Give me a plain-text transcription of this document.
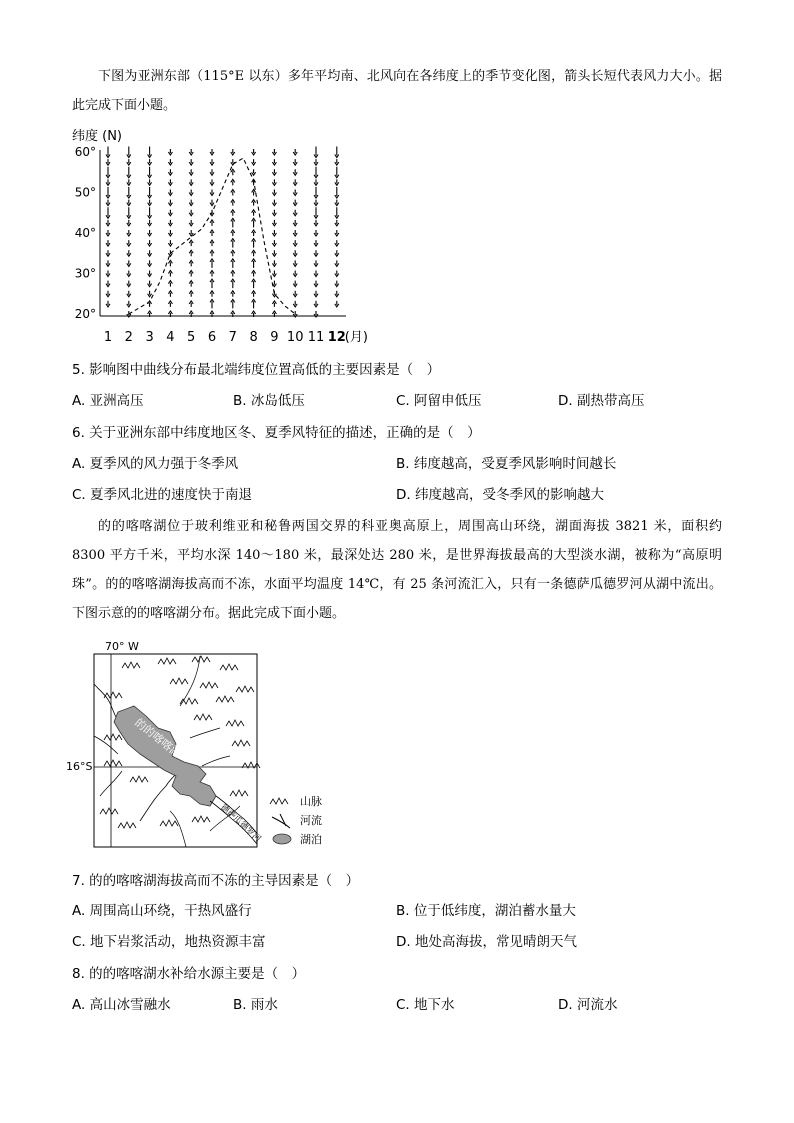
下图为亚洲东部（115°E 以东）多年平均南、北风向在各纬度上的季节变化图，箭头长短代表风力大小。据此完成下面小题。
纬度 (N)
60°
50°
40°
30°
20°
1 2 3 4 5 6 7 8 9 10 11 12
(月)
5. 影响图中曲线分布最北端纬度位置高低的主要因素是（　）
A. 亚洲高压	B. 冰岛低压	C. 阿留申低压	D. 副热带高压
6. 关于亚洲东部中纬度地区冬、夏季风特征的描述，正确的是（　）
A. 夏季风的风力强于冬季风	B. 纬度越高，受夏季风影响时间越长
C. 夏季风北进的速度快于南退	D. 纬度越高，受冬季风的影响越大
的的喀喀湖位于玻利维亚和秘鲁两国交界的科亚奥高原上，周围高山环绕，湖面海拔 3821 米，面积约 8300 平方千米，平均水深 140～180 米，最深处达 280 米，是世界海拔最高的大型淡水湖，被称为“高原明珠”。的的喀喀湖海拔高而不冻，水面平均温度 14℃，有 25 条河流汇入，只有一条德萨瓜德罗河从湖中流出。下图示意的的喀喀湖分布。据此完成下面小题。
70° W
16°S
的的喀喀湖
德萨瓜德罗河
山脉
河流
湖泊
7. 的的喀喀湖海拔高而不冻的主导因素是（　）
A. 周围高山环绕，干热风盛行	B. 位于低纬度，湖泊蓄水量大
C. 地下岩浆活动，地热资源丰富	D. 地处高海拔，常见晴朗天气
8. 的的喀喀湖水补给水源主要是（　）
A. 高山冰雪融水	B. 雨水	C. 地下水	D. 河流水
